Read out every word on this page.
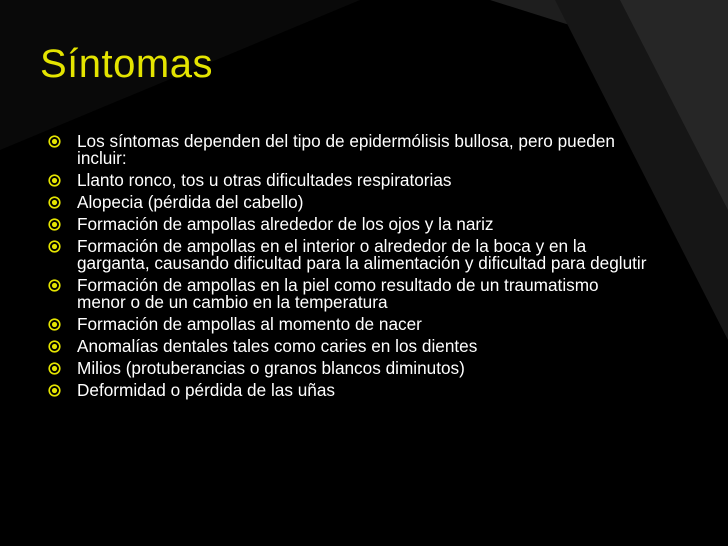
Síntomas
Los síntomas dependen del tipo de epidermólisis bullosa, pero pueden incluir:
Llanto ronco, tos u otras dificultades respiratorias
Alopecia (pérdida del cabello)
Formación de ampollas alrededor de los ojos y la nariz
Formación de ampollas en el interior o alrededor de la boca y en la garganta, causando dificultad para la alimentación y dificultad para deglutir
Formación de ampollas en la piel como resultado de un traumatismo menor o de un cambio en la temperatura
Formación de ampollas al momento de nacer
Anomalías dentales tales como caries en los dientes
Milios (protuberancias o granos blancos diminutos)
Deformidad o pérdida de las uñas
